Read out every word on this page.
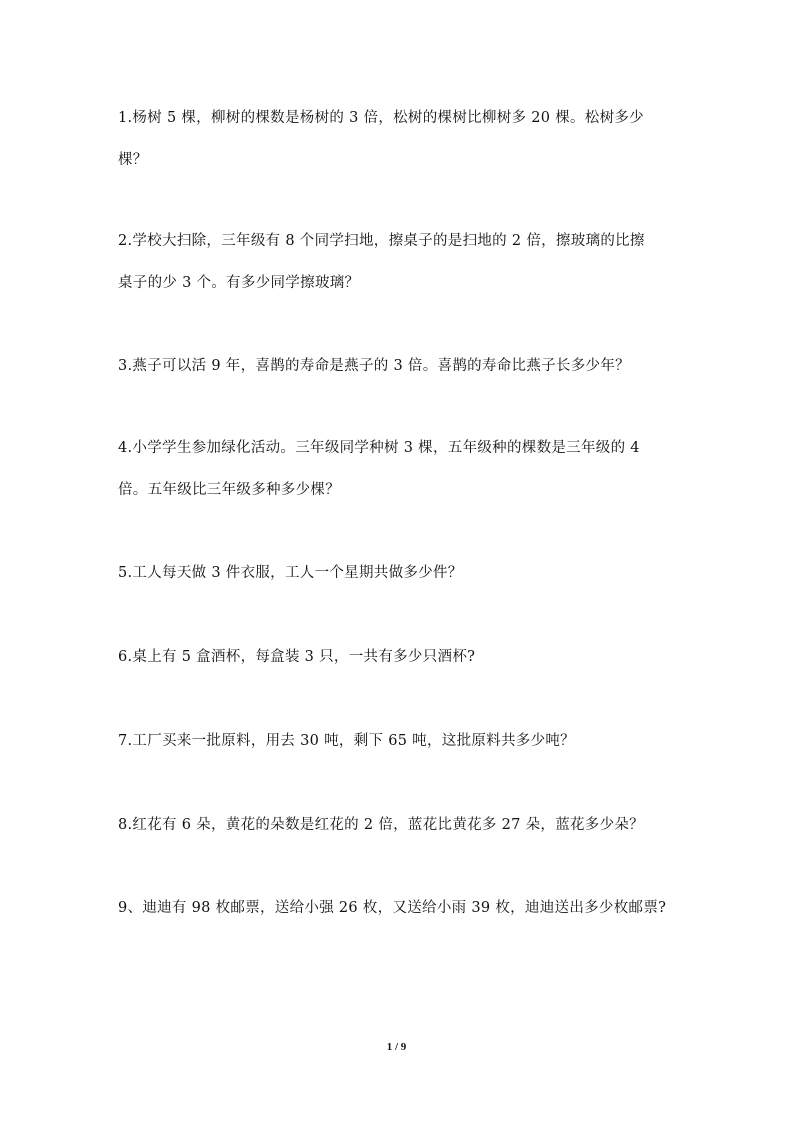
1.杨树 5 棵，柳树的棵数是杨树的 3 倍，松树的棵树比柳树多 20 棵。松树多少
棵？
2.学校大扫除，三年级有 8 个同学扫地，擦桌子的是扫地的 2 倍，擦玻璃的比擦
桌子的少 3 个。有多少同学擦玻璃？
3.燕子可以活 9 年，喜鹊的寿命是燕子的 3 倍。喜鹊的寿命比燕子长多少年？
4.小学学生参加绿化活动。三年级同学种树 3 棵，五年级种的棵数是三年级的 4
倍。五年级比三年级多种多少棵？
5.工人每天做 3 件衣服，工人一个星期共做多少件？
6.桌上有 5 盒酒杯，每盒装 3 只，一共有多少只酒杯?
7.工厂买来一批原料，用去 30 吨，剩下 65 吨，这批原料共多少吨？
8.红花有 6 朵，黄花的朵数是红花的 2 倍，蓝花比黄花多 27 朵，蓝花多少朵？
9、迪迪有 98 枚邮票，送给小强 26 枚，又送给小雨 39 枚，迪迪送出多少枚邮票?
1 / 9
